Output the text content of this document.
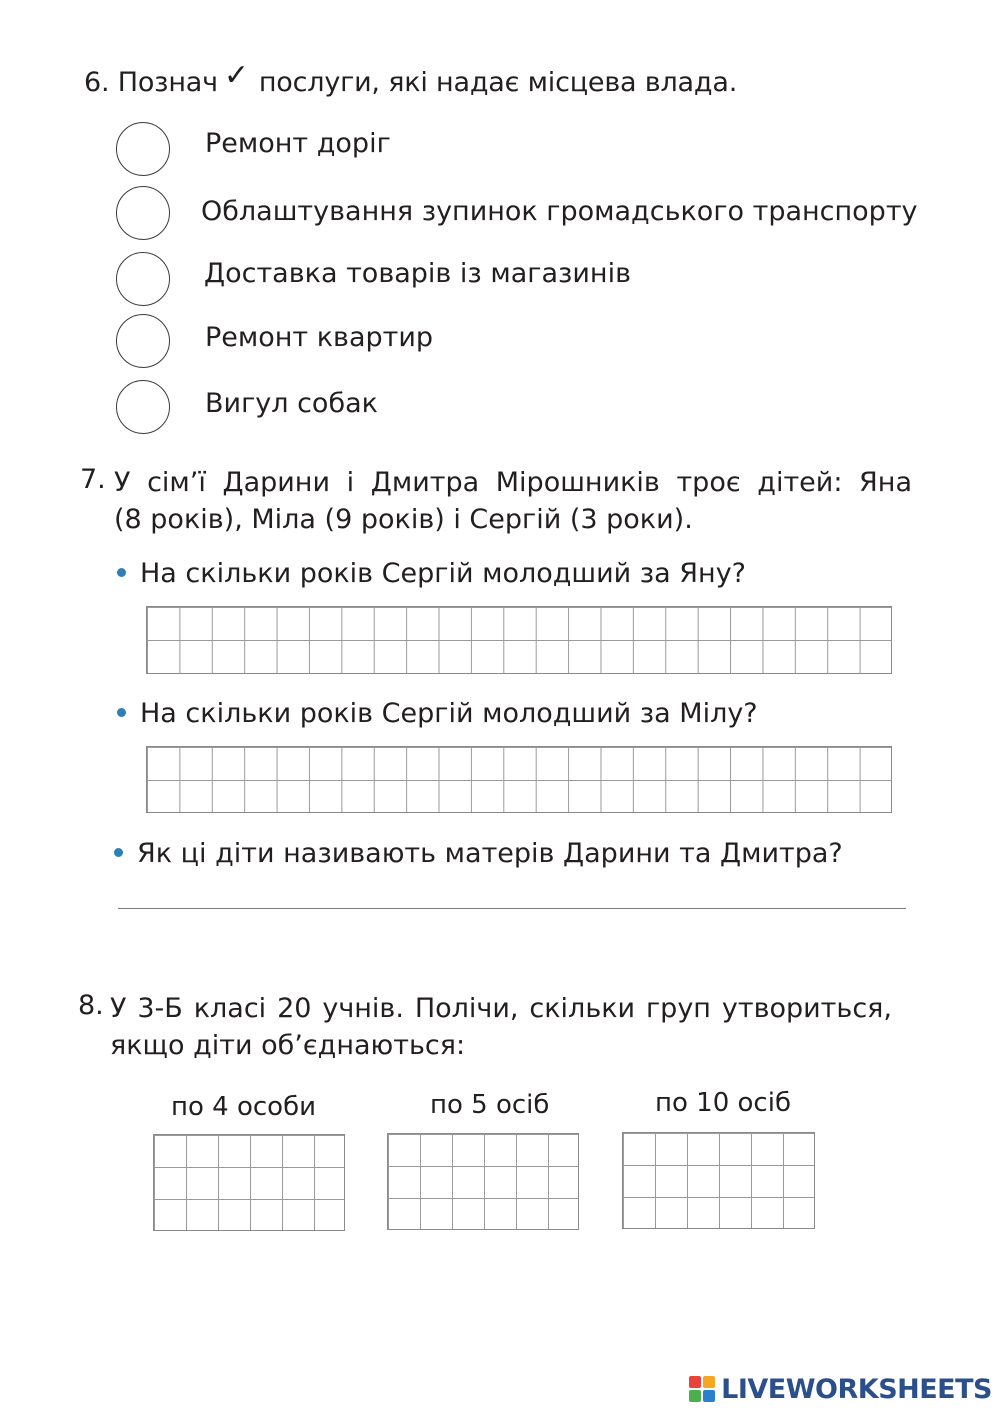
6. Познач ✓ послуги, які надає місцева влада.
Ремонт доріг
Облаштування зупинок громадського транспорту
Доставка товарів із магазинів
Ремонт квартир
Вигул собак
7. У сім’ї Дарини і Дмитра Мірошників троє дітей: Яна
(8 років), Міла (9 років) і Сергій (3 роки).
На скільки років Сергій молодший за Яну?
На скільки років Сергій молодший за Мілу?
Як ці діти називають матерів Дарини та Дмитра?
8. У 3-Б класі 20 учнів. Полічи, скільки груп утвориться,
якщо діти об’єднаються:
по 4 особи	по 5 осіб	по 10 осіб
LIVEWORKSHEETS
